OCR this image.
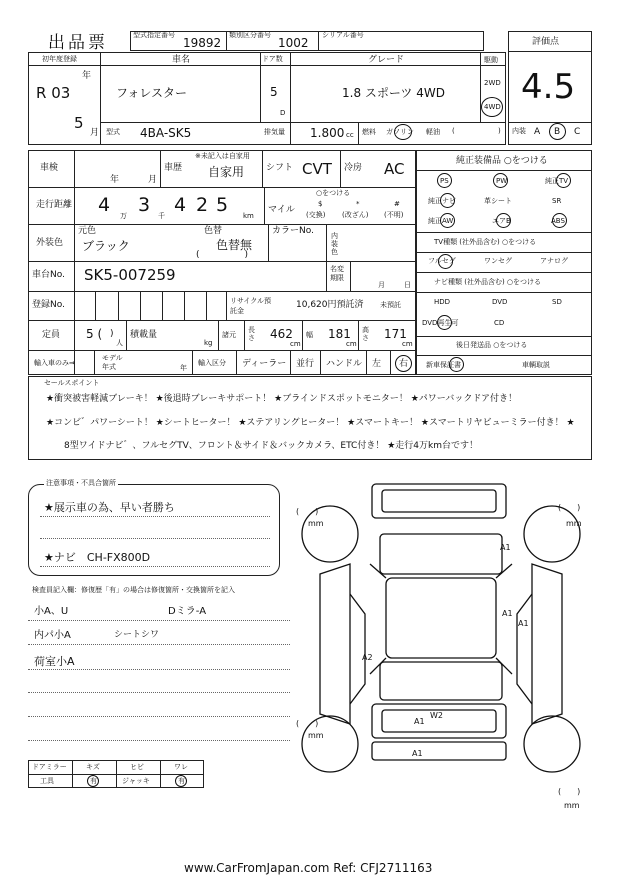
出品票	型式指定番号
19892
類別区分番号
1002
シリアル番号
評価点
4.5
内装 A B C
初年度登録
R 03
年
5
月
車名
フォレスター
ドア数
5
D
グレード
1.8 スポーツ 4WD
駆動
2WD
4WD
型式 4BA-SK5	排気量 1.800 cc 燃料 ガソリン 軽油 (	)
車検
年	月
車歴
※未記入は自家用
自家用 シフト CVT 冷房 AC
走行距離 4 万 3 千 4 2 5 km
○をつける
マイル
$
(交換)
*
(改ざん)
#
(不明)
元色
外装色 ブラック
色替
色替無
(　　　　　)
カラーNo. 内装色
車台No. SK5-007259	名変期限
月	日
登録No.	リサイクル預託金
10,620円預託済 未預託
定員 5 ( )
人
積載量
kg
諸元
長さ 462
cm
幅 181
cm
高さ 171
cm
輸入車のみ⇒
モデル年式	年
輸入区分 ディーラー 並行 ハンドル 左 右
純正装備品 ○をつける
PS	PW	純正TV
純正ナビ	革シート	SR
純正AW	エアB	ABS
TV種類 (社外品含む) ○をつける
フルセグ	ワンセグ	アナログ
ナビ種類 (社外品含む) ○をつける
HDD	DVD	SD
DVD再生可	CD
後日発送品 ○をつける
新車保証書	車輌取説
セールスポイント
★衝突被害軽減ブレーキ！ ★後退時ブレーキサポート！ ★ブラインドスポットモニター！ ★パワーバックドア付き！
★コンビ゛パワーシート！ ★シートヒーター！ ★ステアリングヒーター！ ★スマートキー！ ★スマートリヤビューミラー付き！ ★
8型ワイドナビ゛、フルセグTV、フロント＆サイド＆バックカメラ、ETC付き！ ★走行4万km台です！
注意事項・不具合箇所
★展示車の為、早い者勝ち
★ナビ　CH-FX800D
検査員記入欄：修復歴「有」の場合は修復箇所・交換箇所を記入
小A、U	Dミラ-A
内パ小A	シートシワ
荷室小A
ドアミラー	キズ	ヒビ	ワレ
工具	有	ジャッキ	有
(　　)
mm
(　　)
mm
(　　)
mm
(　　)
mm
A1
A1
A1
A2
A1
W2
A1
www.CarFromJapan.com Ref: CFJ2711163
